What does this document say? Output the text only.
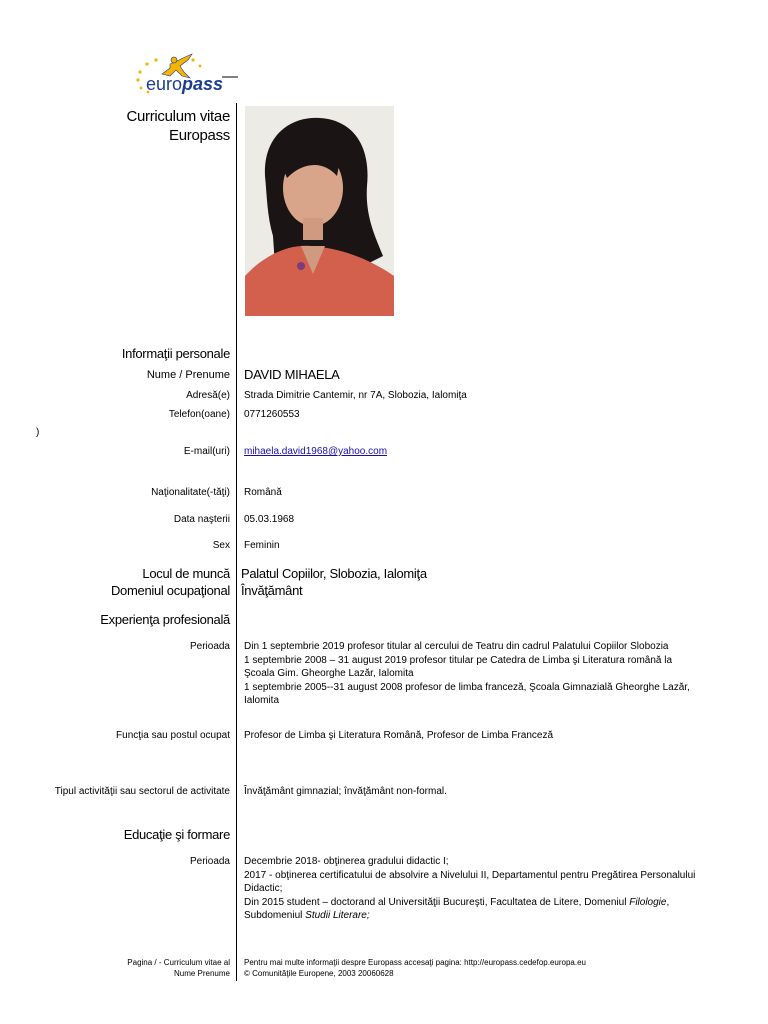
europass
Curriculum vitae
Europass
Informaţii personale
Nume / Prenume DAVID MIHAELA
Adresă(e) Strada Dimitrie Cantemir, nr 7A, Slobozia, Ialomiţa
Telefon(oane) 0771260553
)
E-mail(uri) mihaela.david1968@yahoo.com
Naţionalitate(-tăţi) Română
Data naşterii 05.03.1968
Sex Feminin
Locul de muncă Palatul Copiilor, Slobozia, Ialomiţa
Domeniul ocupaţional Învăţământ
Experienţa profesională
Perioada Din 1 septembrie 2019 profesor titular al cercului de Teatru din cadrul Palatului Copiilor Slobozia
1 septembrie 2008 – 31 august 2019 profesor titular pe Catedra de Limba şi Literatura română la
Şcoala Gim. Gheorghe Lazăr, Ialomita
1 septembrie 2005--31 august 2008 profesor de limba franceză, Şcoala Gimnazială Gheorghe Lazăr,
Ialomita
Funcţia sau postul ocupat Profesor de Limba şi Literatura Română, Profesor de Limba Franceză
Tipul activităţii sau sectorul de activitate Învăţământ gimnazial; învăţământ non-formal.
Educaţie şi formare
Perioada Decembrie 2018- obţinerea gradului didactic I;
2017 - obţinerea certificatului de absolvire a Nivelului II, Departamentul pentru Pregătirea Personalului
Didactic;
Din 2015 student – doctorand al Universităţii Bucureşti, Facultatea de Litere, Domeniul Filologie,
Subdomeniul Studii Literare;
Pagina / - Curriculum vitae al
Nume Prenume
Pentru mai multe informaţii despre Europass accesaţi pagina: http://europass.cedefop.europa.eu
© Comunităţile Europene, 2003 20060628
